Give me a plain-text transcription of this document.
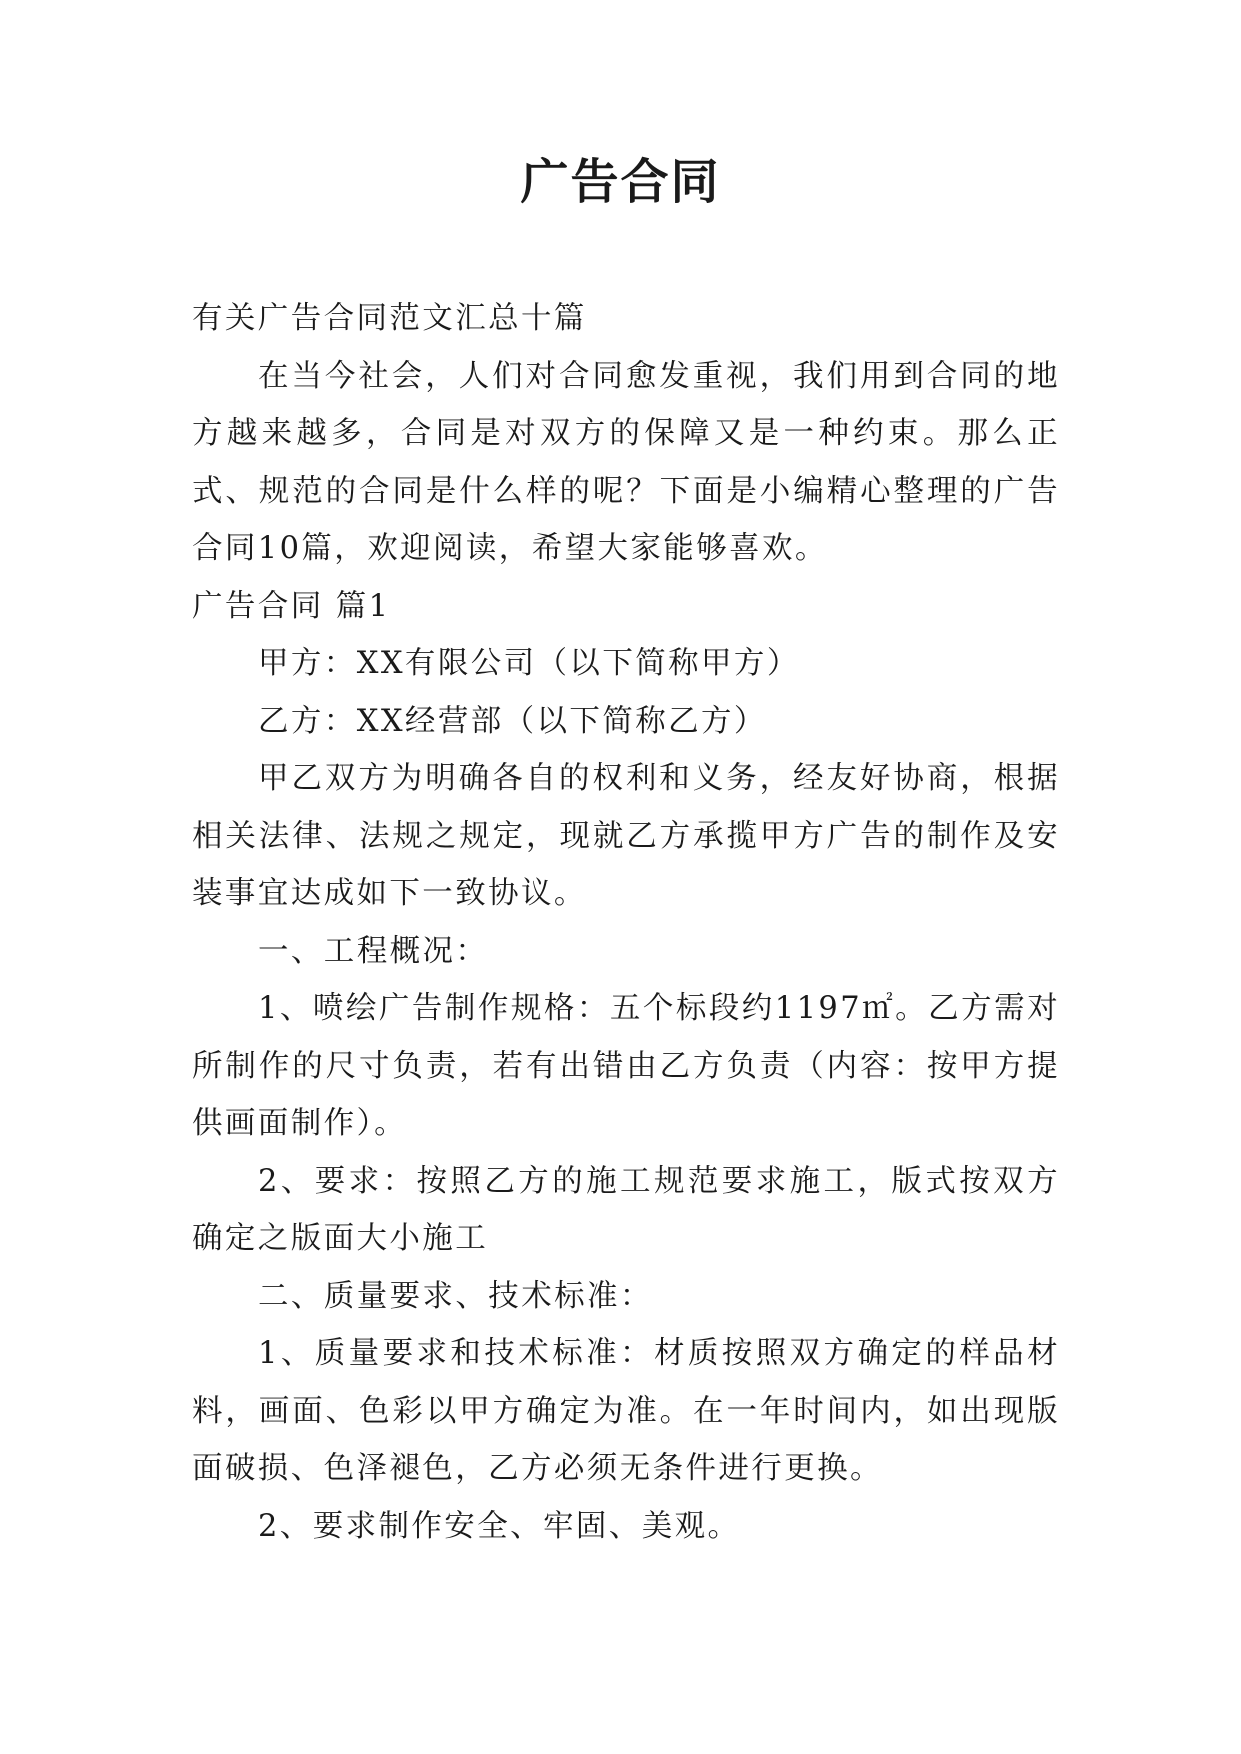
广告合同

有关广告合同范文汇总十篇

在当今社会，人们对合同愈发重视，我们用到合同的地方越来越多，合同是对双方的保障又是一种约束。那么正式、规范的合同是什么样的呢？下面是小编精心整理的广告合同10篇，欢迎阅读，希望大家能够喜欢。

广告合同 篇1

甲方：XX有限公司（以下简称甲方）

乙方：XX经营部（以下简称乙方）

甲乙双方为明确各自的权利和义务，经友好协商，根据相关法律、法规之规定，现就乙方承揽甲方广告的制作及安装事宜达成如下一致协议。

一、工程概况：

1、喷绘广告制作规格：五个标段约1197㎡。乙方需对所制作的尺寸负责，若有出错由乙方负责（内容：按甲方提供画面制作）。

2、要求：按照乙方的施工规范要求施工，版式按双方确定之版面大小施工

二、质量要求、技术标准：

1、质量要求和技术标准：材质按照双方确定的样品材料，画面、色彩以甲方确定为准。在一年时间内，如出现版面破损、色泽褪色，乙方必须无条件进行更换。

2、要求制作安全、牢固、美观。
